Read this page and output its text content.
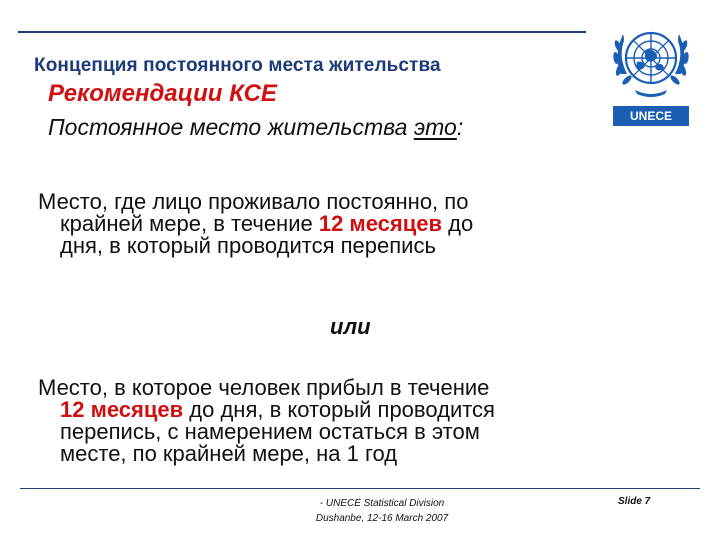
Концепция постоянного места жительства
Рекомендации КСЕ
Постоянное место жительства это:	UNECE
Место, где лицо проживало постоянно, по
крайней мере, в течение 12 месяцев до
дня, в который проводится перепись
или
Место, в которое человек прибыл в течение
12 месяцев до дня, в который проводится
перепись, с намерением остаться в этом
месте, по крайней мере, на 1 год
- UNECE Statistical Division
Dushanbe, 12-16 March 2007
Slide 7
